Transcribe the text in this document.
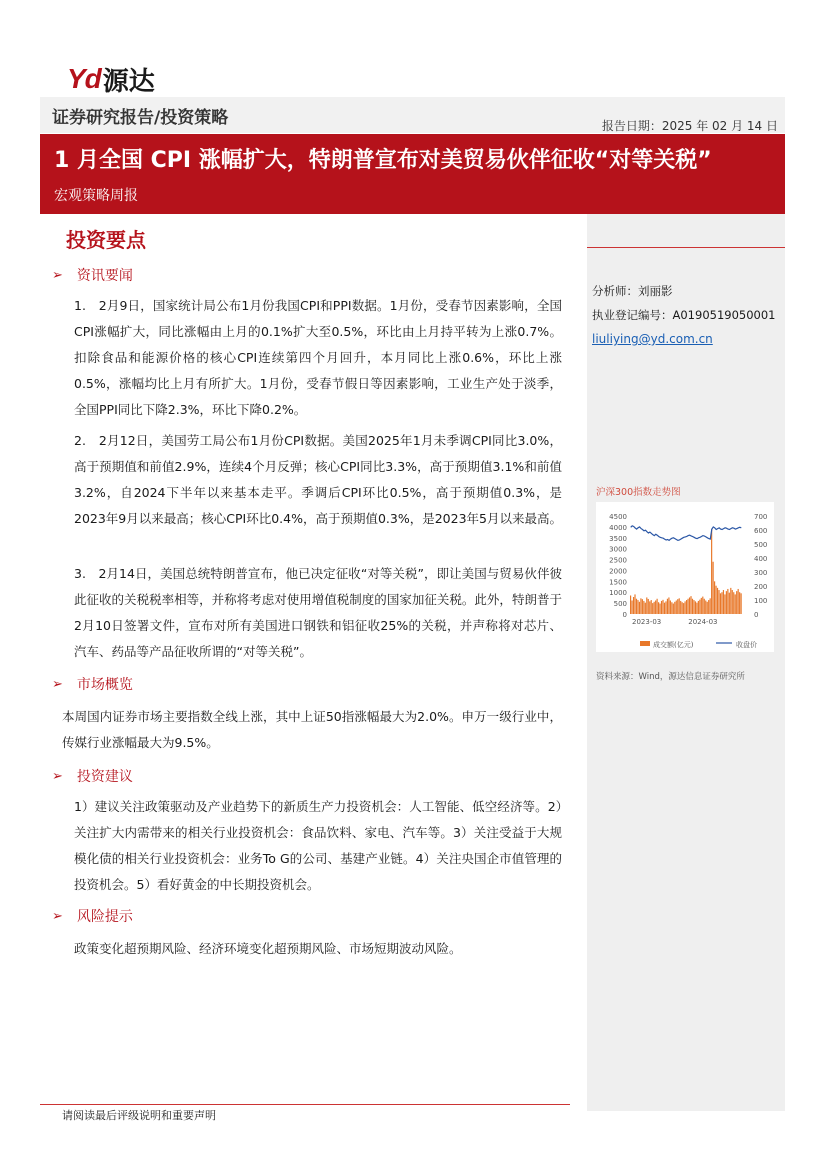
Yd 源达
证券研究报告/投资策略	报告日期：2025 年 02 月 14 日
1 月全国 CPI 涨幅扩大，特朗普宣布对美贸易伙伴征收“对等关税”
宏观策略周报
分析师：刘丽影
执业登记编号：A0190519050001
liuliying@yd.com.cn
沪深300指数走势图
4500
4000
3500
3000
2500
2000
1500
1000
500
0
700
600
500
400
300
200
100
0
2023-03	2024-03
成交额(亿元)	收盘价
资料来源：Wind，源达信息证券研究所
投资要点
➢ 资讯要闻
1.　2月9日，国家统计局公布1月份我国CPI和PPI数据。1月份，受春节因素影响，全国CPI涨幅扩大，同比涨幅由上月的0.1%扩大至0.5%，环比由上月持平转为上涨0.7%。扣除食品和能源价格的核心CPI连续第四个月回升，本月同比上涨0.6%，环比上涨0.5%，涨幅均比上月有所扩大。1月份，受春节假日等因素影响，工业生产处于淡季，全国PPI同比下降2.3%，环比下降0.2%。
2.　2月12日，美国劳工局公布1月份CPI数据。美国2025年1月未季调CPI同比3.0%，高于预期值和前值2.9%，连续4个月反弹；核心CPI同比3.3%，高于预期值3.1%和前值3.2%，自2024下半年以来基本走平。季调后CPI环比0.5%，高于预期值0.3%，是2023年9月以来最高；核心CPI环比0.4%，高于预期值0.3%，是2023年5月以来最高。
3.　2月14日，美国总统特朗普宣布，他已决定征收“对等关税”，即让美国与贸易伙伴彼此征收的关税税率相等，并称将考虑对使用增值税制度的国家加征关税。此外，特朗普于2月10日签署文件，宣布对所有美国进口钢铁和铝征收25%的关税，并声称将对芯片、汽车、药品等产品征收所谓的“对等关税”。
➢ 市场概览
本周国内证券市场主要指数全线上涨，其中上证50指涨幅最大为2.0%。申万一级行业中，传媒行业涨幅最大为9.5%。
➢ 投资建议
1）建议关注政策驱动及产业趋势下的新质生产力投资机会：人工智能、低空经济等。2）关注扩大内需带来的相关行业投资机会：食品饮料、家电、汽车等。3）关注受益于大规模化债的相关行业投资机会：业务To G的公司、基建产业链。4）关注央国企市值管理的投资机会。5）看好黄金的中长期投资机会。
➢ 风险提示
政策变化超预期风险、经济环境变化超预期风险、市场短期波动风险。
请阅读最后评级说明和重要声明
